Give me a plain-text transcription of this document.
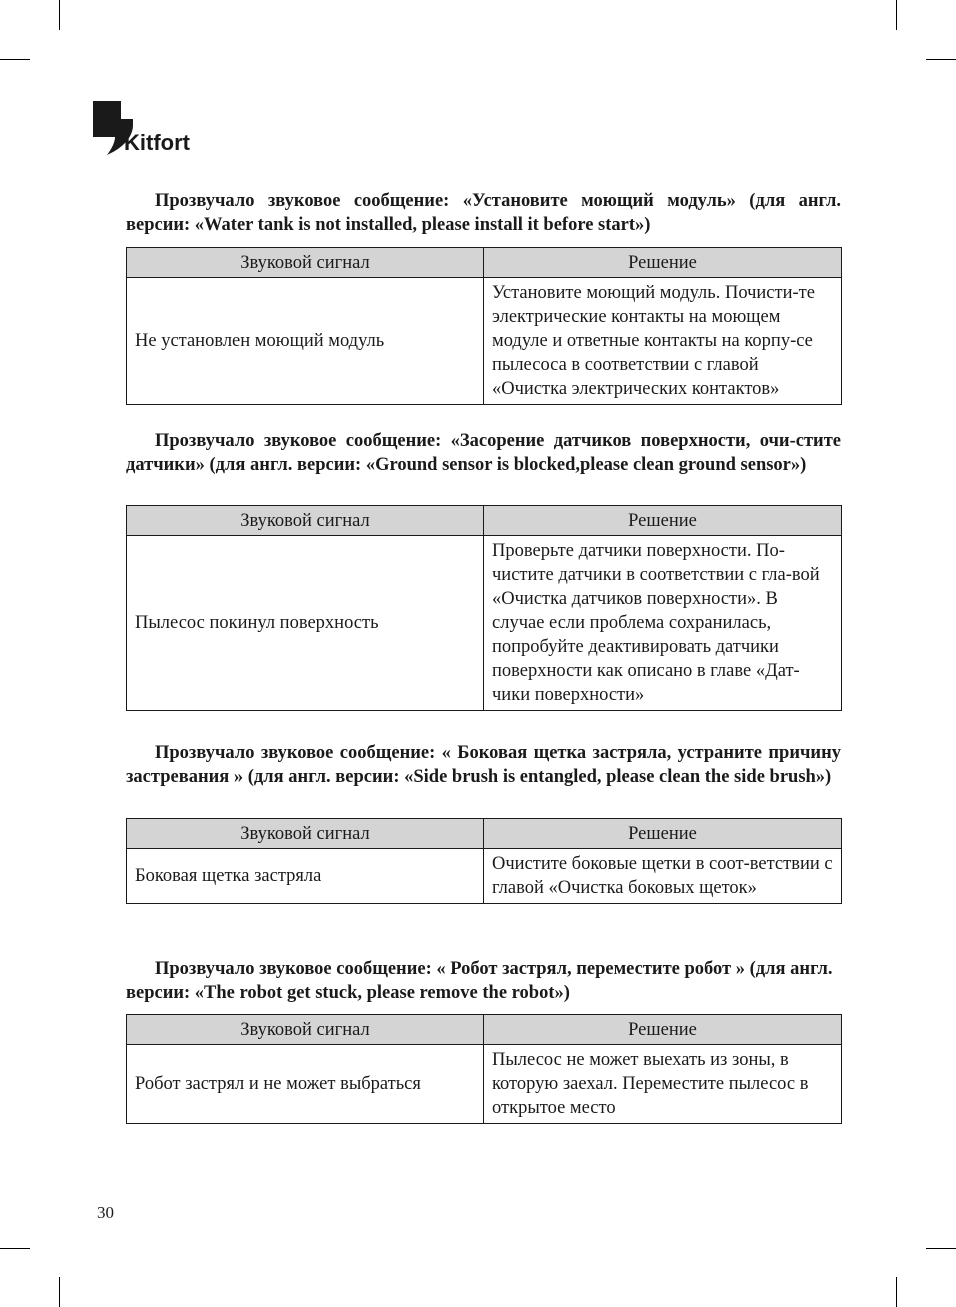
Kitfort

Прозвучало звуковое сообщение: «Установите моющий модуль» (для англ. версии: «Water tank is not installed, please install it before start»)

Звуковой сигнал	Решение
Не установлен моющий модуль	Установите моющий модуль. Почисти-те электрические контакты на моющем модуле и ответные контакты на корпу-се пылесоса в соответствии с главой «Очистка электрических контактов»

Прозвучало звуковое сообщение: «Засорение датчиков поверхности, очи-стите датчики» (для англ. версии: «Ground sensor is blocked,please clean ground sensor»)

Звуковой сигнал	Решение
Пылесос покинул поверхность	Проверьте датчики поверхности. По-чистите датчики в соответствии с гла-вой «Очистка датчиков поверхности». В случае если проблема сохранилась, попробуйте деактивировать датчики поверхности как описано в главе «Дат-чики поверхности»

Прозвучало звуковое сообщение: « Боковая щетка застряла, устраните причину застревания » (для англ. версии: «Side brush is entangled, please clean the side brush»)

Звуковой сигнал	Решение
Боковая щетка застряла	Очистите боковые щетки в соот-ветствии с главой «Очистка боковых щеток»

Прозвучало звуковое сообщение: « Робот застрял, переместите робот » (для англ. версии: «The robot get stuck, please remove the robot»)

Звуковой сигнал	Решение
Робот застрял и не может выбраться	Пылесос не может выехать из зоны, в которую заехал. Переместите пылесос в открытое место
30
